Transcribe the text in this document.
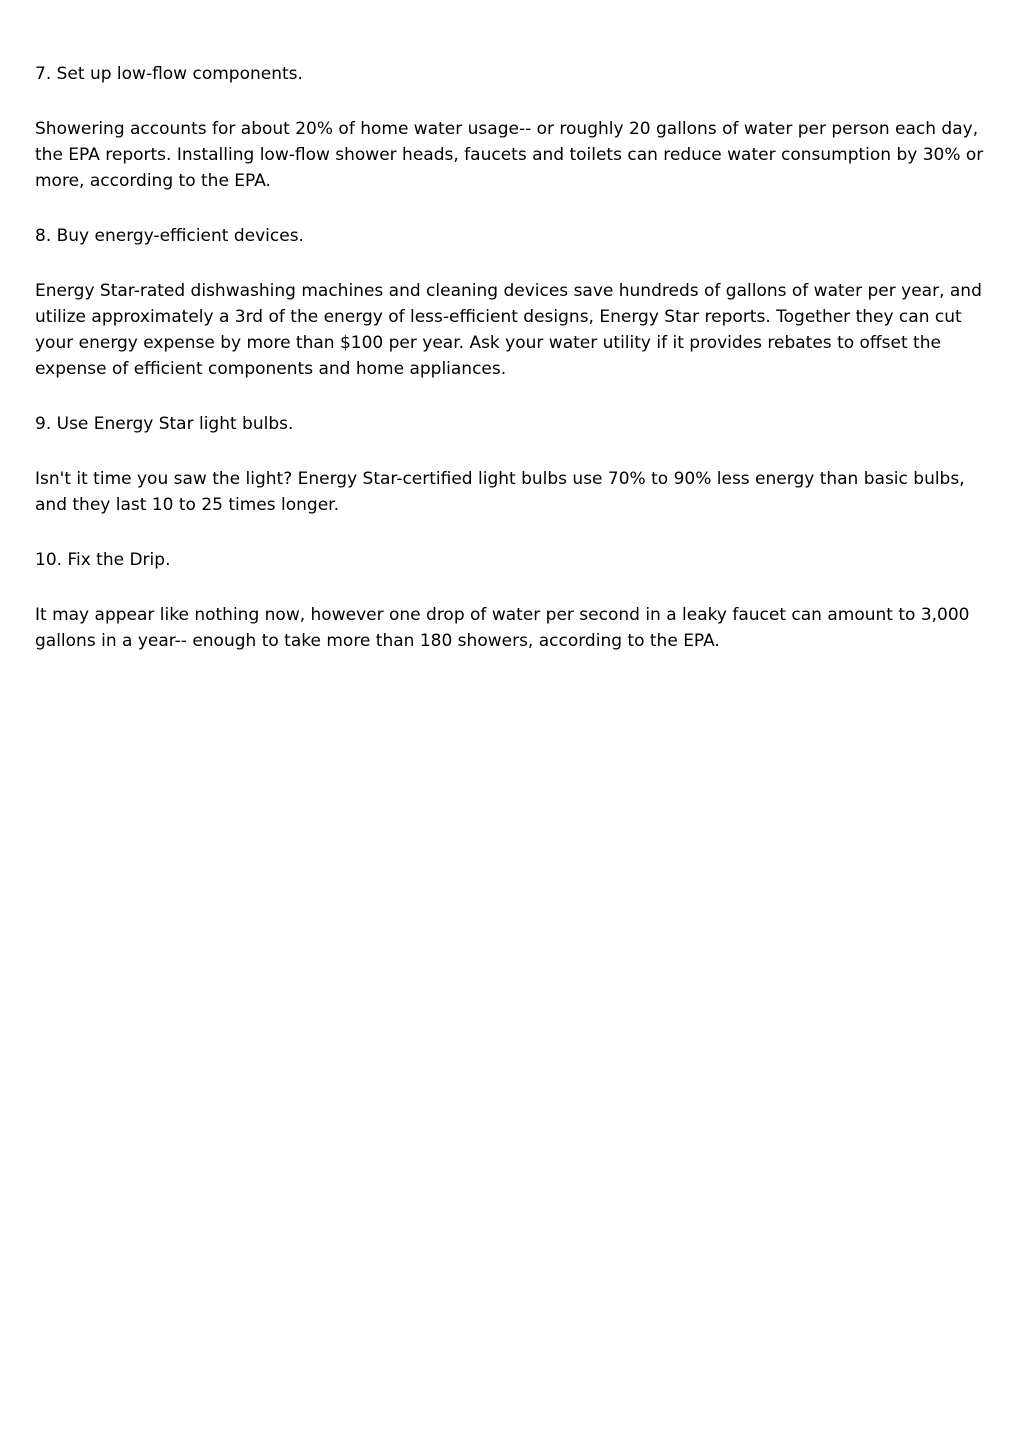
7. Set up low-flow components.

Showering accounts for about 20% of home water usage-- or roughly 20 gallons of water per person each day, the EPA reports. Installing low-flow shower heads, faucets and toilets can reduce water consumption by 30% or more, according to the EPA.

8. Buy energy-efficient devices.

Energy Star-rated dishwashing machines and cleaning devices save hundreds of gallons of water per year, and utilize approximately a 3rd of the energy of less-efficient designs, Energy Star reports. Together they can cut your energy expense by more than $100 per year. Ask your water utility if it provides rebates to offset the expense of efficient components and home appliances.

9. Use Energy Star light bulbs.

Isn't it time you saw the light? Energy Star-certified light bulbs use 70% to 90% less energy than basic bulbs, and they last 10 to 25 times longer.

10. Fix the Drip.

It may appear like nothing now, however one drop of water per second in a leaky faucet can amount to 3,000 gallons in a year-- enough to take more than 180 showers, according to the EPA.
